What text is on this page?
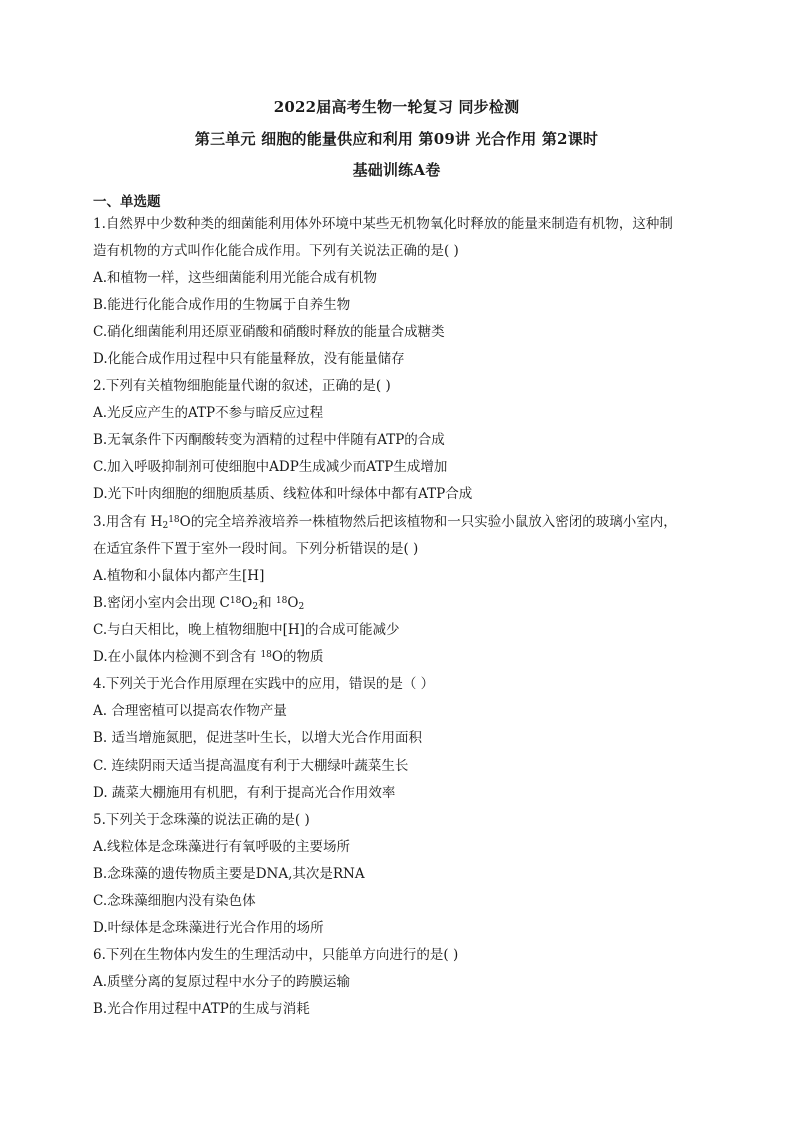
2022届高考生物一轮复习 同步检测
第三单元 细胞的能量供应和利用 第09讲 光合作用 第2课时
基础训练A卷
一、单选题
1.自然界中少数种类的细菌能利用体外环境中某些无机物氧化时释放的能量来制造有机物，这种制
造有机物的方式叫作化能合成作用。下列有关说法正确的是( )
A.和植物一样，这些细菌能利用光能合成有机物
B.能进行化能合成作用的生物属于自养生物
C.硝化细菌能利用还原亚硝酸和硝酸时释放的能量合成糖类
D.化能合成作用过程中只有能量释放，没有能量储存
2.下列有关植物细胞能量代谢的叙述，正确的是( )
A.光反应产生的ATP不参与暗反应过程
B.无氧条件下丙酮酸转变为酒精的过程中伴随有ATP的合成
C.加入呼吸抑制剂可使细胞中ADP生成减少而ATP生成增加
D.光下叶肉细胞的细胞质基质、线粒体和叶绿体中都有ATP合成
3.用含有 $H_2^{18}O$的完全培养液培养一株植物然后把该植物和一只实验小鼠放入密闭的玻璃小室内，
在适宜条件下置于室外一段时间。下列分析错误的是( )
A.植物和小鼠体内都产生[H]
B.密闭小室内会出现 $C^{18}O_2$和 $^{18}O_2$
C.与白天相比，晚上植物细胞中[H]的合成可能减少
D.在小鼠体内检测不到含有 $^{18}$O的物质
4.下列关于光合作用原理在实践中的应用，错误的是（ ）
A. 合理密植可以提高农作物产量
B. 适当增施氮肥，促进茎叶生长，以增大光合作用面积
C. 连续阴雨天适当提高温度有利于大棚绿叶蔬菜生长
D. 蔬菜大棚施用有机肥，有利于提高光合作用效率
5.下列关于念珠藻的说法正确的是( )
A.线粒体是念珠藻进行有氧呼吸的主要场所
B.念珠藻的遗传物质主要是DNA,其次是RNA
C.念珠藻细胞内没有染色体
D.叶绿体是念珠藻进行光合作用的场所
6.下列在生物体内发生的生理活动中，只能单方向进行的是( )
A.质壁分离的复原过程中水分子的跨膜运输
B.光合作用过程中ATP的生成与消耗
